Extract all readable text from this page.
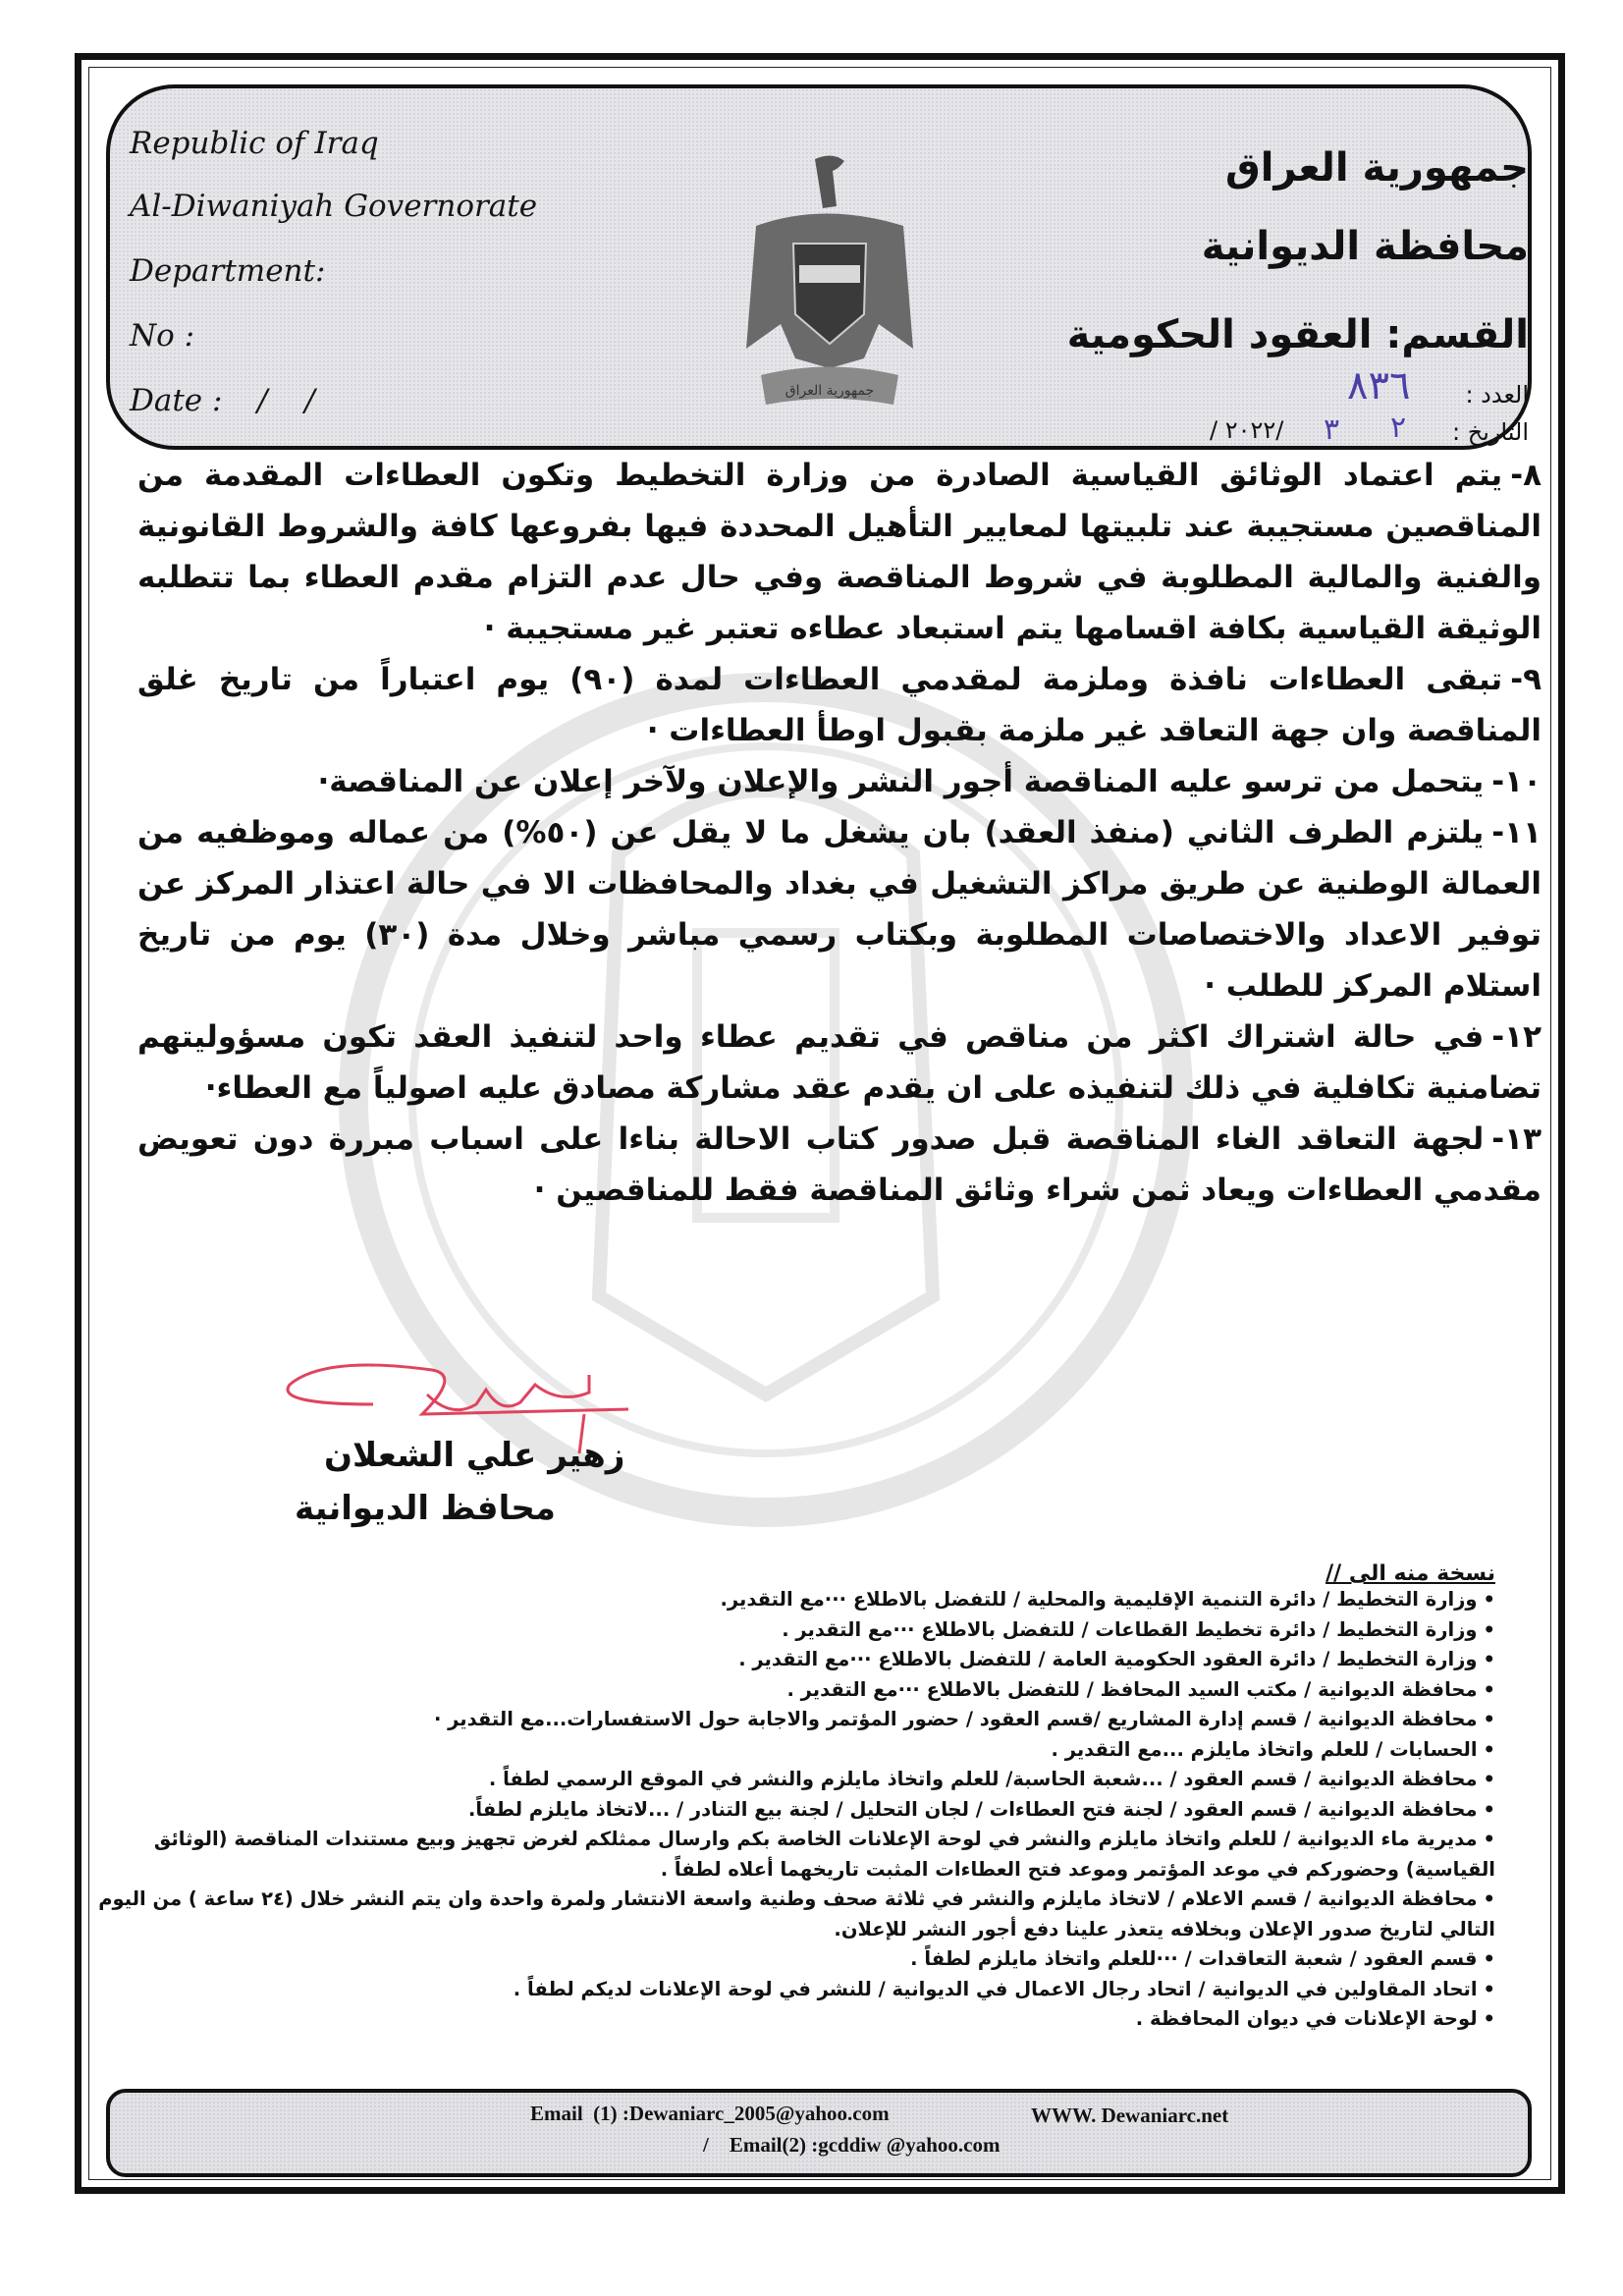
Republic of Iraq
Al-Diwaniyah Governorate
Department:
No :
Date : / /
جمهورية العراق
محافظة الديوانية
القسم: العقود الحكومية
العدد :
٨٣٦
التاريخ :
٢
٣
/ ٢٠٢٢/
جمهورية العراق

٨-يتم اعتماد الوثائق القياسية الصادرة من وزارة التخطيط وتكون العطاءات المقدمة من المناقصين مستجيبة عند تلبيتها لمعايير التأهيل المحددة فيها بفروعها كافة والشروط القانونية والفنية والمالية المطلوبة في شروط المناقصة وفي حال عدم التزام مقدم العطاء بما تتطلبه الوثيقة القياسية بكافة اقسامها يتم استبعاد عطاءه تعتبر غير مستجيبة ·

٩-تبقى العطاءات نافذة وملزمة لمقدمي العطاءات لمدة (٩٠) يوم اعتباراً من تاريخ غلق المناقصة وان جهة التعاقد غير ملزمة بقبول اوطأ العطاءات ·

١٠-يتحمل من ترسو عليه المناقصة أجور النشر والإعلان ولآخر إعلان عن المناقصة·

١١-يلتزم الطرف الثاني (منفذ العقد) بان يشغل ما لا يقل عن (٥٠%) من عماله وموظفيه من العمالة الوطنية عن طريق مراكز التشغيل في بغداد والمحافظات الا في حالة اعتذار المركز عن توفير الاعداد والاختصاصات المطلوبة وبكتاب رسمي مباشر وخلال مدة (٣٠) يوم من تاريخ استلام المركز للطلب ·

١٢-في حالة اشتراك اكثر من مناقص في تقديم عطاء واحد لتنفيذ العقد تكون مسؤوليتهم تضامنية تكافلية في ذلك لتنفيذه على ان يقدم عقد مشاركة مصادق عليه اصولياً مع العطاء·

١٣-لجهة التعاقد الغاء المناقصة قبل صدور كتاب الاحالة بناءا على اسباب مبررة دون تعويض مقدمي العطاءات ويعاد ثمن شراء وثائق المناقصة فقط للمناقصين ·

زهير علي الشعلان
محافظ الديوانية
نسخة منه الى //
•وزارة التخطيط / دائرة التنمية الإقليمية والمحلية / للتفضل بالاطلاع ···مع التقدير.
•وزارة التخطيط / دائرة تخطيط القطاعات / للتفضل بالاطلاع ···مع التقدير .
•وزارة التخطيط / دائرة العقود الحكومية العامة / للتفضل بالاطلاع ···مع التقدير .
•محافظة الديوانية / مكتب السيد المحافظ / للتفضل بالاطلاع ···مع التقدير .
•محافظة الديوانية / قسم إدارة المشاريع /قسم العقود / حضور المؤتمر والاجابة حول الاستفسارات...مع التقدير ·
•الحسابات / للعلم واتخاذ مايلزم ...مع التقدير .
•محافظة الديوانية / قسم العقود / ...شعبة الحاسبة/ للعلم واتخاذ مايلزم والنشر في الموقع الرسمي لطفاً .
•محافظة الديوانية / قسم العقود / لجنة فتح العطاءات / لجان التحليل / لجنة بيع التنادر / ...لاتخاذ مايلزم لطفاً.
•مديرية ماء الديوانية / للعلم واتخاذ مايلزم والنشر في لوحة الإعلانات الخاصة بكم وارسال ممثلكم لغرض تجهيز وبيع مستندات المناقصة (الوثائق القياسية) وحضوركم في موعد المؤتمر وموعد فتح العطاءات المثبت تاريخهما أعلاه لطفاً .
•محافظة الديوانية / قسم الاعلام / لاتخاذ مايلزم والنشر في ثلاثة صحف وطنية واسعة الانتشار ولمرة واحدة وان يتم النشر خلال (٢٤ ساعة ) من اليوم التالي لتاريخ صدور الإعلان وبخلافه يتعذر علينا دفع أجور النشر للإعلان.
•قسم العقود / شعبة التعاقدات / ···للعلم واتخاذ مايلزم لطفاً .
•اتحاد المقاولين في الديوانية / اتحاد رجال الاعمال في الديوانية / للنشر في لوحة الإعلانات لديكم لطفاً .
•لوحة الإعلانات في ديوان المحافظة .
Email  (1) :Dewaniarc_2005@yahoo.com	WWW. Dewaniarc.net
/    Email(2) :gcddiw @yahoo.com
